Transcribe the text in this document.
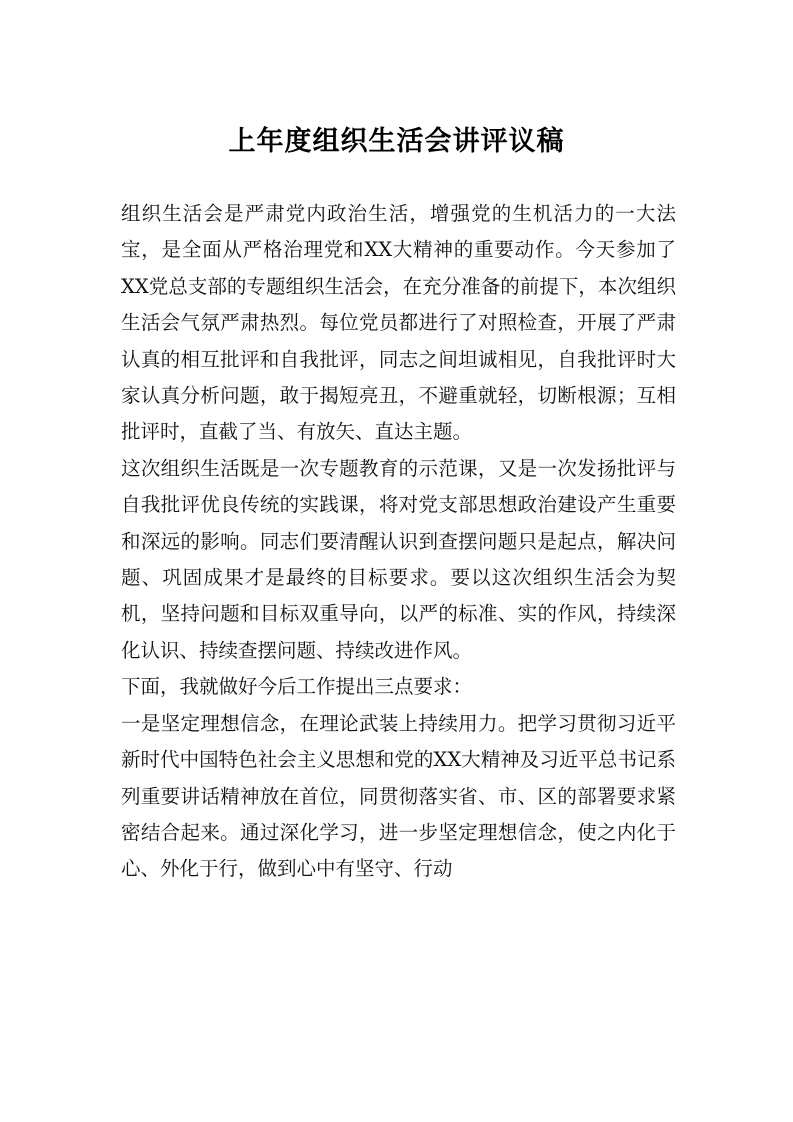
上年度组织生活会讲评议稿

组织生活会是严肃党内政治生活，增强党的生机活力的一大法宝，是全面从严格治理党和XX大精神的重要动作。今天参加了XX党总支部的专题组织生活会，在充分准备的前提下，本次组织生活会气氛严肃热烈。每位党员都进行了对照检查，开展了严肃认真的相互批评和自我批评，同志之间坦诚相见，自我批评时大家认真分析问题，敢于揭短亮丑，不避重就轻，切断根源；互相批评时，直截了当、有放矢、直达主题。

这次组织生活既是一次专题教育的示范课，又是一次发扬批评与自我批评优良传统的实践课，将对党支部思想政治建设产生重要和深远的影响。同志们要清醒认识到查摆问题只是起点，解决问题、巩固成果才是最终的目标要求。要以这次组织生活会为契机，坚持问题和目标双重导向，以严的标准、实的作风，持续深化认识、持续查摆问题、持续改进作风。

下面，我就做好今后工作提出三点要求：

一是坚定理想信念，在理论武装上持续用力。把学习贯彻习近平新时代中国特色社会主义思想和党的XX大精神及习近平总书记系列重要讲话精神放在首位，同贯彻落实省、市、区的部署要求紧密结合起来。通过深化学习，进一步坚定理想信念，使之内化于心、外化于行，做到心中有坚守、行动
